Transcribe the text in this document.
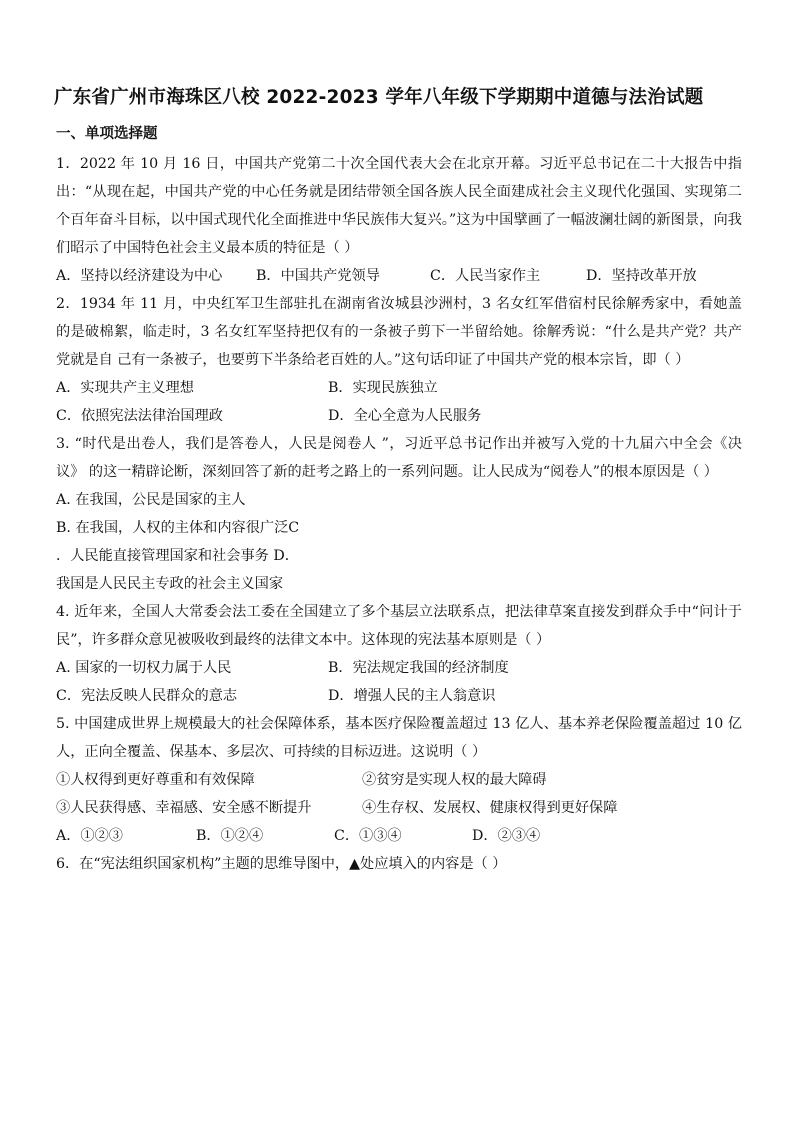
广东省广州市海珠区八校 2022-2023 学年八年级下学期期中道德与法治试题
一、单项选择题

1．2022 年 10 月 16 日，中国共产党第二十次全国代表大会在北京开幕。习近平总书记在二十大报告中指出：“从现在起，中国共产党的中心任务就是团结带领全国各族人民全面建成社会主义现代化强国、实现第二个百年奋斗目标，以中国式现代化全面推进中华民族伟大复兴。”这为中国擘画了一幅波澜壮阔的新图景，向我们昭示了中国特色社会主义最本质的特征是（ ）

A．坚持以经济建设为中心	B．中国共产党领导	C．人民当家作主	D．坚持改革开放

2．1934 年 11 月，中央红军卫生部驻扎在湖南省汝城县沙洲村，3 名女红军借宿村民徐解秀家中，看她盖的是破棉絮，临走时，3 名女红军坚持把仅有的一条被子剪下一半留给她。徐解秀说：“什么是共产党？共产党就是自 己有一条被子，也要剪下半条给老百姓的人。”这句话印证了中国共产党的根本宗旨，即（ ）

A．实现共产主义理想	B．实现民族独立
C．依照宪法法律治国理政	D．全心全意为人民服务

3. “时代是出卷人，我们是答卷人，人民是阅卷人 ”，习近平总书记作出并被写入党的十九届六中全会《决议》 的这一精辟论断，深刻回答了新的赶考之路上的一系列问题。让人民成为“阅卷人”的根本原因是（ ）

A. 在我国，公民是国家的主人
B. 在我国，人权的主体和内容很广泛C
．人民能直接管理国家和社会事务 D．
我国是人民民主专政的社会主义国家

4. 近年来，全国人大常委会法工委在全国建立了多个基层立法联系点，把法律草案直接发到群众手中“问计于民”，许多群众意见被吸收到最终的法律文本中。这体现的宪法基本原则是（ ）

A. 国家的一切权力属于人民	B．宪法规定我国的经济制度
C．宪法反映人民群众的意志	D．增强人民的主人翁意识

5. 中国建成世界上规模最大的社会保障体系，基本医疗保险覆盖超过 13 亿人、基本养老保险覆盖超过 10 亿人，正向全覆盖、保基本、多层次、可持续的目标迈进。这说明（ ）

①人权得到更好尊重和有效保障	②贫穷是实现人权的最大障碍
③人民获得感、幸福感、安全感不断提升	④生存权、发展权、健康权得到更好保障
A．①②③	B．①②④	C．①③④	D．②③④

6．在“宪法组织国家机构”主题的思维导图中，▲处应填入的内容是（ ）
